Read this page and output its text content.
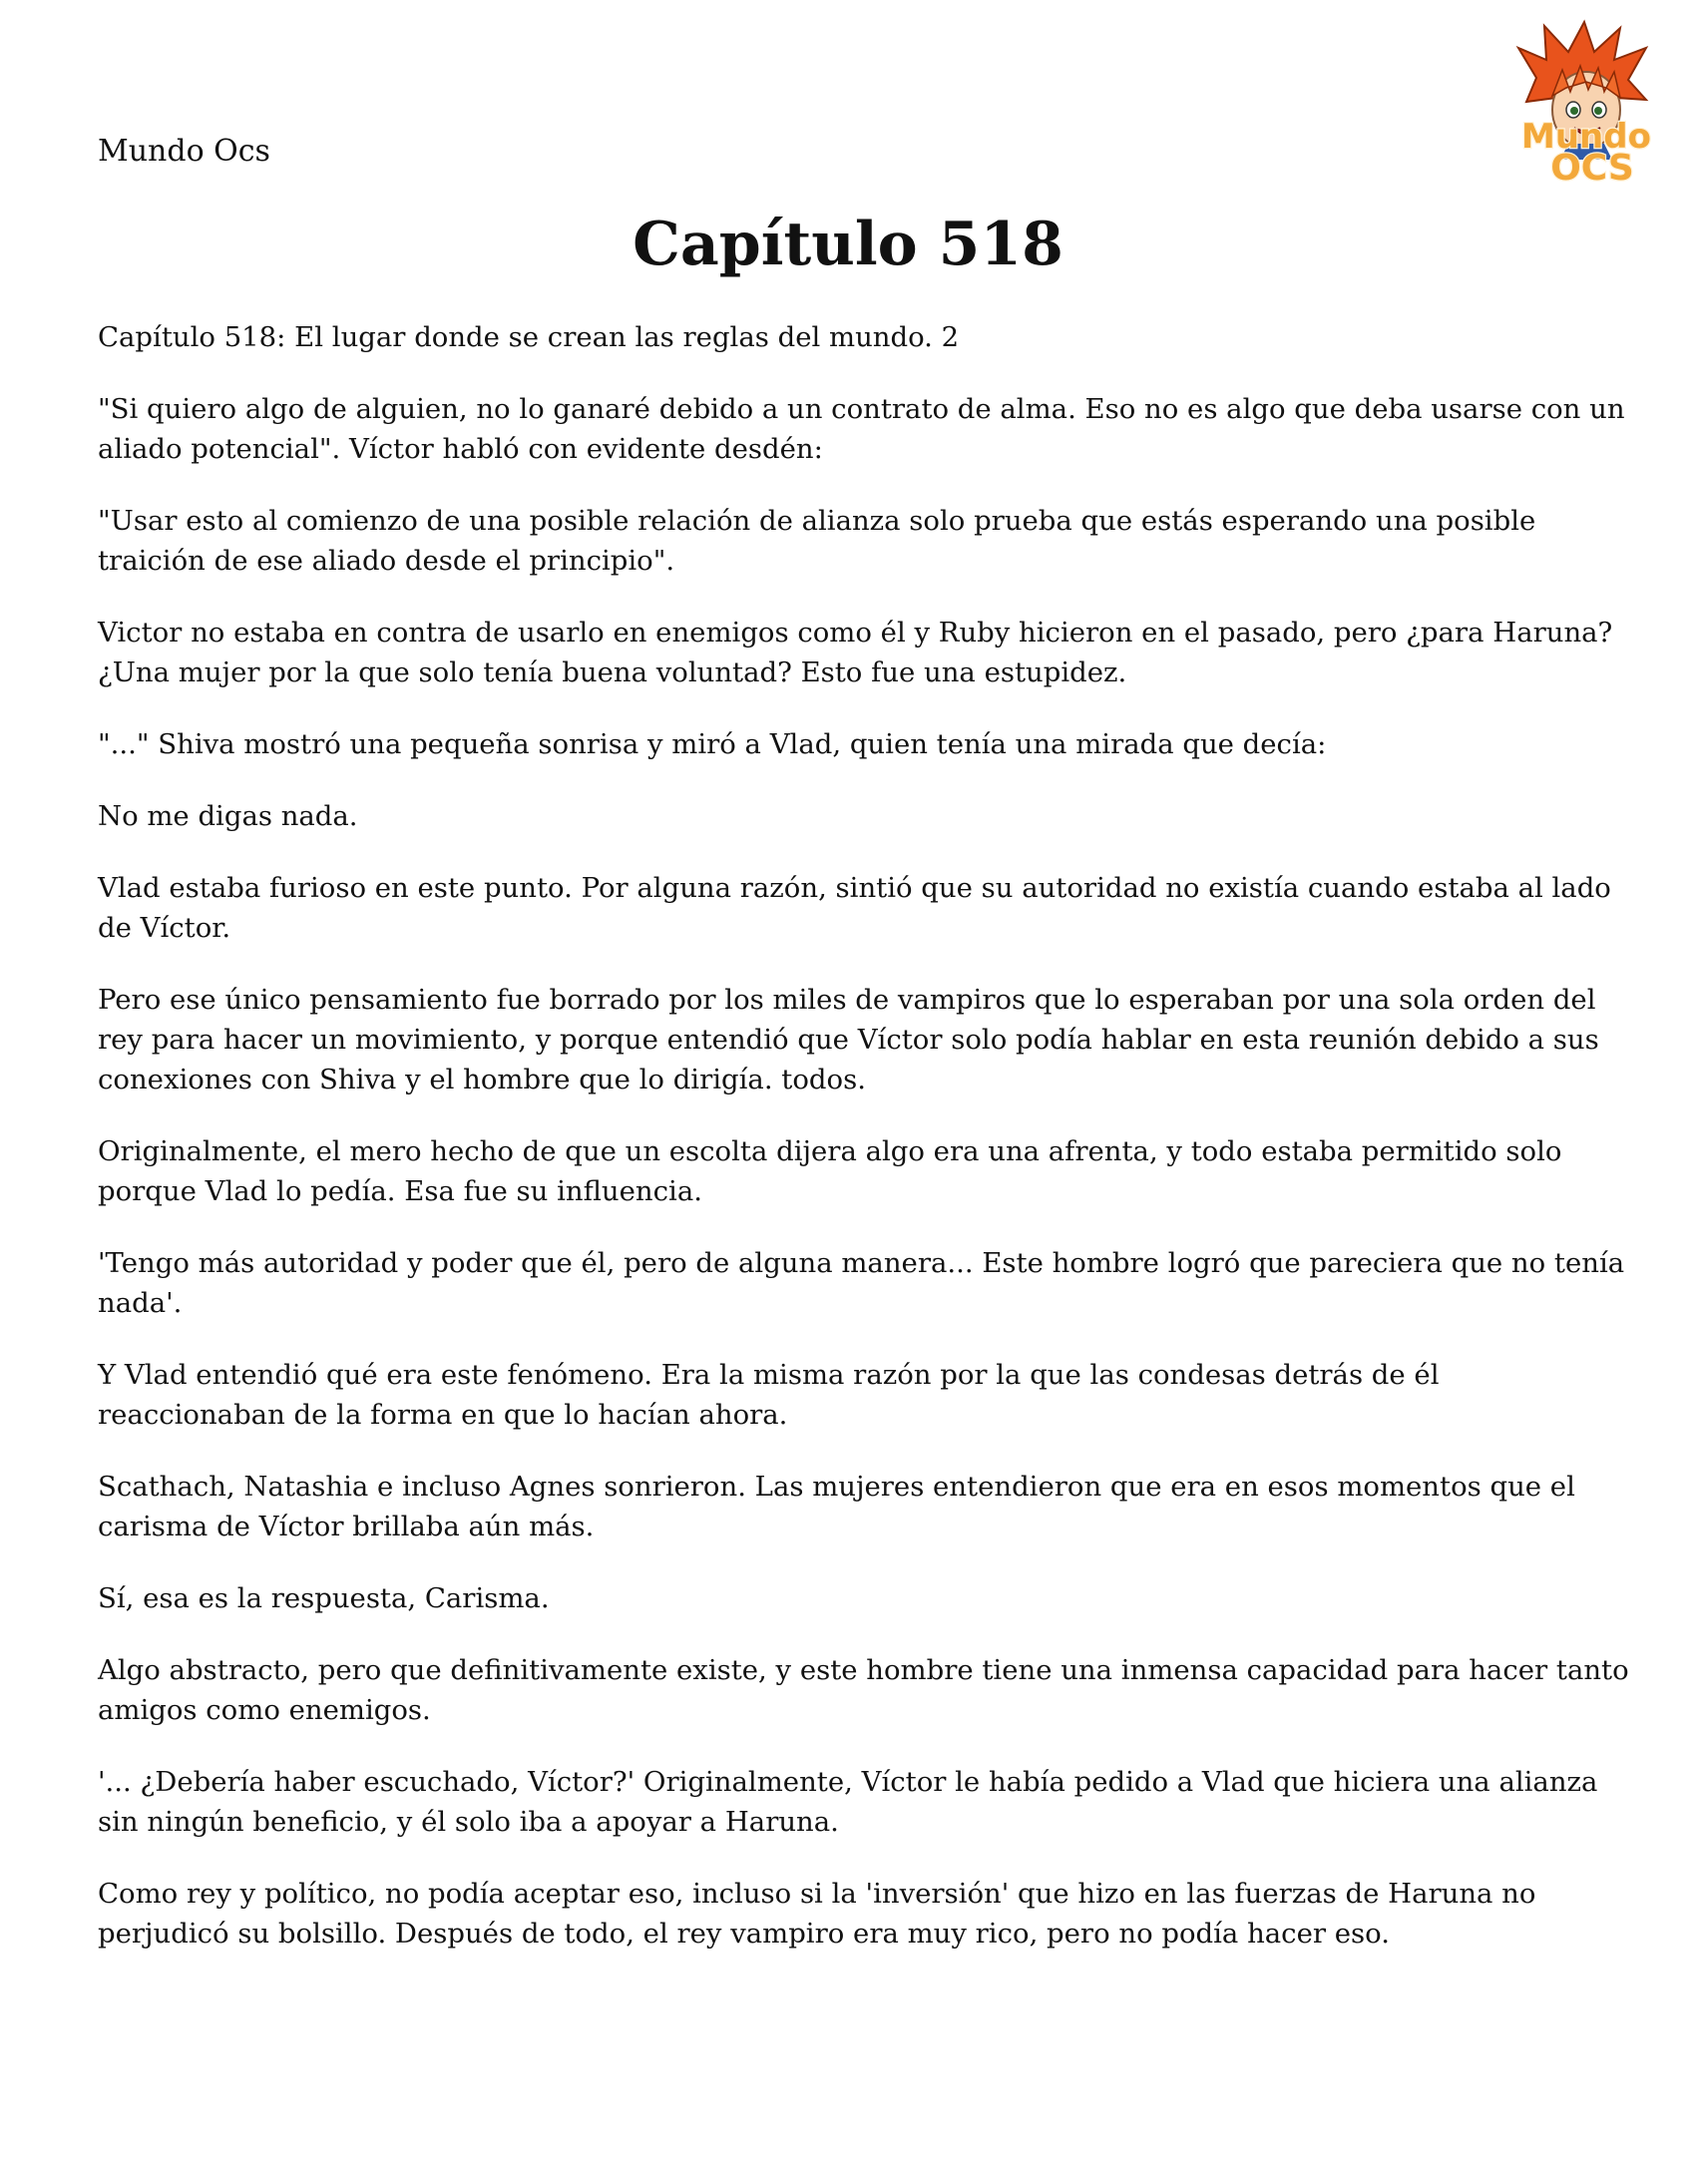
Mundo Ocs	Mundo
OCS
Capítulo 518

Capítulo 518: El lugar donde se crean las reglas del mundo. 2

"Si quiero algo de alguien, no lo ganaré debido a un contrato de alma. Eso no es algo que deba usarse con un aliado potencial". Víctor habló con evidente desdén:

"Usar esto al comienzo de una posible relación de alianza solo prueba que estás esperando una posible traición de ese aliado desde el principio".

Victor no estaba en contra de usarlo en enemigos como él y Ruby hicieron en el pasado, pero ¿para Haruna? ¿Una mujer por la que solo tenía buena voluntad? Esto fue una estupidez.

"..." Shiva mostró una pequeña sonrisa y miró a Vlad, quien tenía una mirada que decía:

No me digas nada.

Vlad estaba furioso en este punto. Por alguna razón, sintió que su autoridad no existía cuando estaba al lado de Víctor.

Pero ese único pensamiento fue borrado por los miles de vampiros que lo esperaban por una sola orden del rey para hacer un movimiento, y porque entendió que Víctor solo podía hablar en esta reunión debido a sus conexiones con Shiva y el hombre que lo dirigía. todos.

Originalmente, el mero hecho de que un escolta dijera algo era una afrenta, y todo estaba permitido solo porque Vlad lo pedía. Esa fue su influencia.

'Tengo más autoridad y poder que él, pero de alguna manera... Este hombre logró que pareciera que no tenía nada'.

Y Vlad entendió qué era este fenómeno. Era la misma razón por la que las condesas detrás de él reaccionaban de la forma en que lo hacían ahora.

Scathach, Natashia e incluso Agnes sonrieron. Las mujeres entendieron que era en esos momentos que el carisma de Víctor brillaba aún más.

Sí, esa es la respuesta, Carisma.

Algo abstracto, pero que definitivamente existe, y este hombre tiene una inmensa capacidad para hacer tanto amigos como enemigos.

'... ¿Debería haber escuchado, Víctor?' Originalmente, Víctor le había pedido a Vlad que hiciera una alianza sin ningún beneficio, y él solo iba a apoyar a Haruna.

Como rey y político, no podía aceptar eso, incluso si la 'inversión' que hizo en las fuerzas de Haruna no perjudicó su bolsillo. Después de todo, el rey vampiro era muy rico, pero no podía hacer eso.
